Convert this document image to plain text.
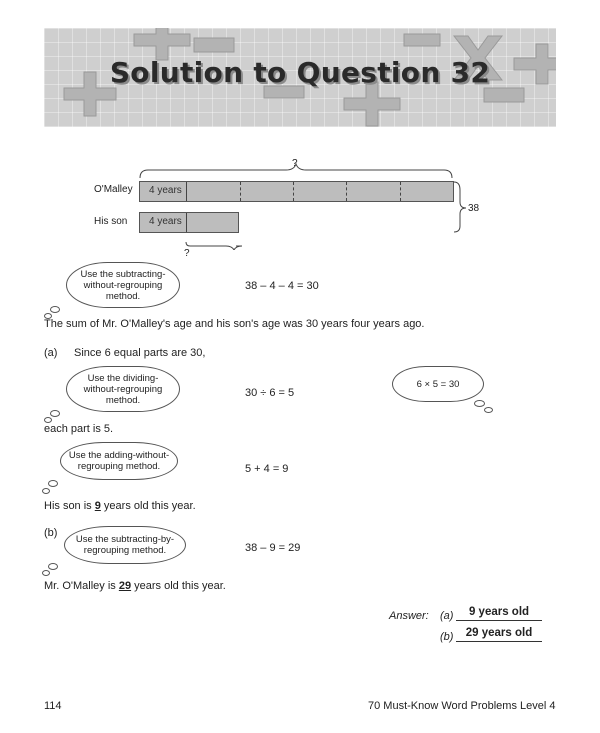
Solution to Question 32
?
?
38
O'Malley 4 years
His son 4 years
Use the subtracting-without-regrouping method.
38 – 4 – 4 = 30
The sum of Mr. O'Malley's age and his son's age was 30 years four years ago.
(a) Since 6 equal parts are 30,
Use the dividing-without-regrouping method.
30 ÷ 6 = 5
6 × 5 = 30
each part is 5.
Use the adding-without-regrouping method.	5 + 4 = 9
His son is 9 years old this year.
(b)
Use the subtracting-by-regrouping method.	38 – 9 = 29
Mr. O'Malley is 29 years old this year.
Answer: (a)	9 years old
(b)	29 years old
114	70 Must-Know Word Problems Level 4
